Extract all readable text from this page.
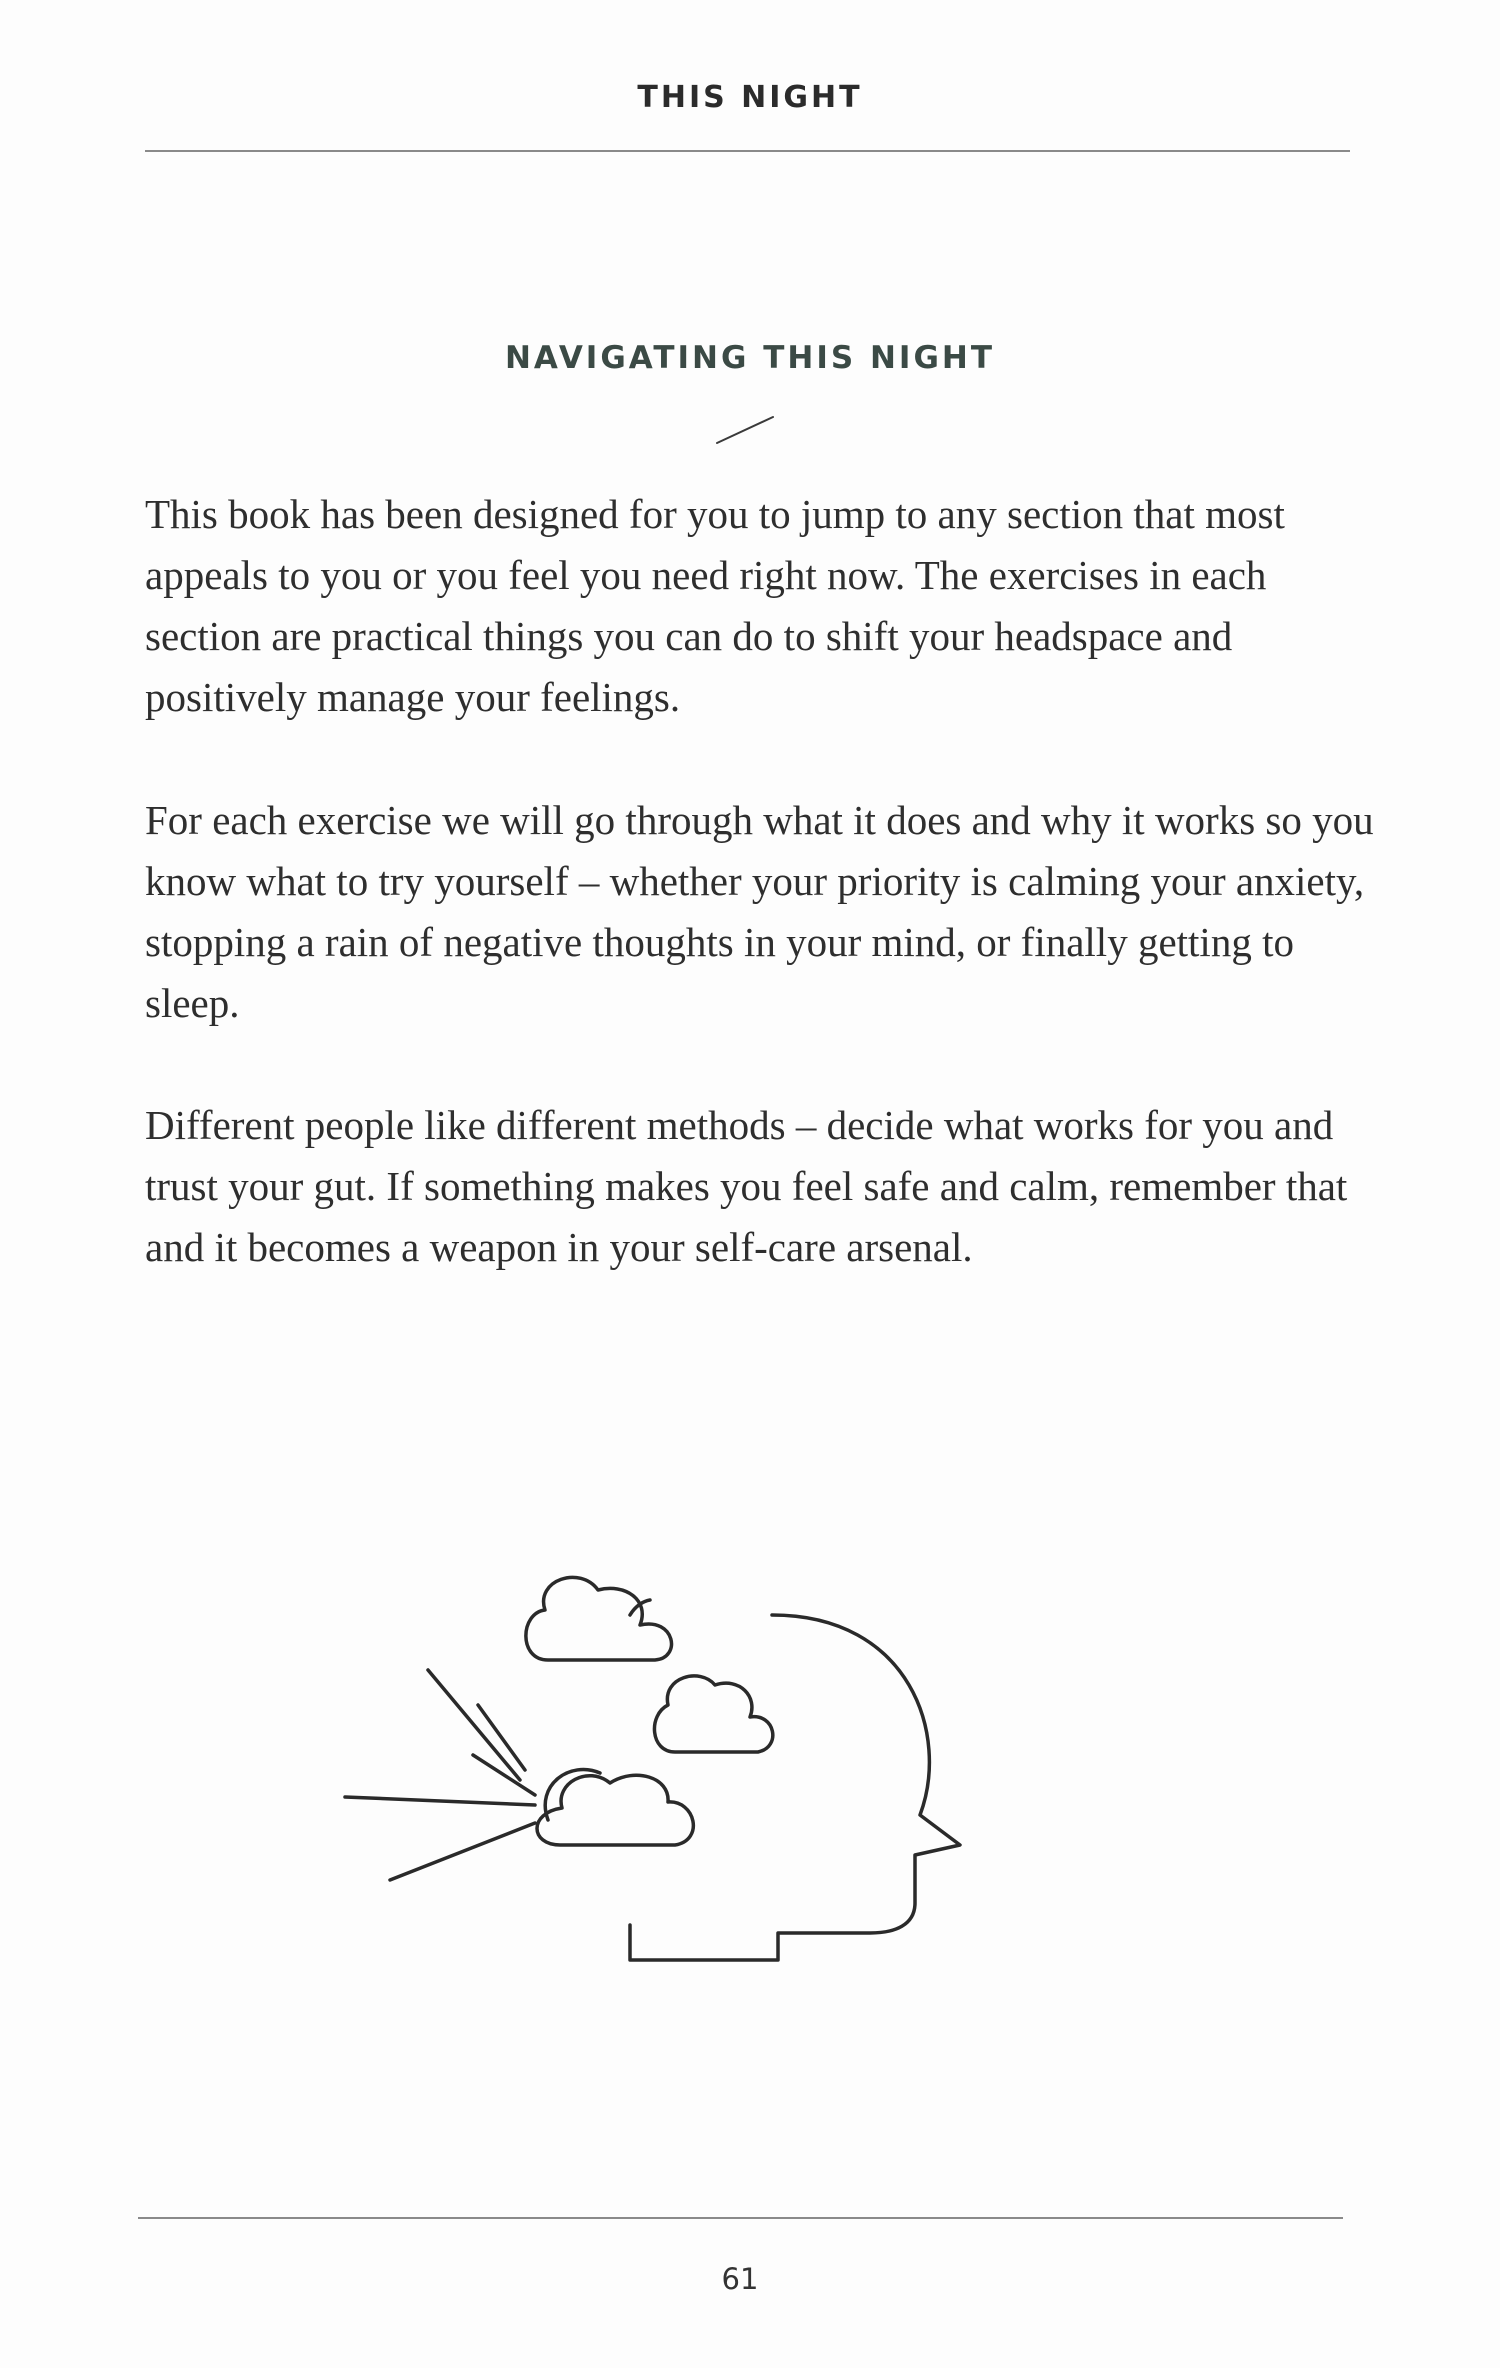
THIS NIGHT
NAVIGATING THIS NIGHT
This book has been designed for you to jump to any section that most appeals to you or you feel you need right now. The exercises in each section are practical things you can do to shift your headspace and positively manage your feelings.
For each exercise we will go through what it does and why it works so you know what to try yourself – whether your priority is calming your anxiety, stopping a rain of negative thoughts in your mind, or finally getting to sleep.
Different people like different methods – decide what works for you and trust your gut. If something makes you feel safe and calm, remember that and it becomes a weapon in your self-care arsenal.
61
